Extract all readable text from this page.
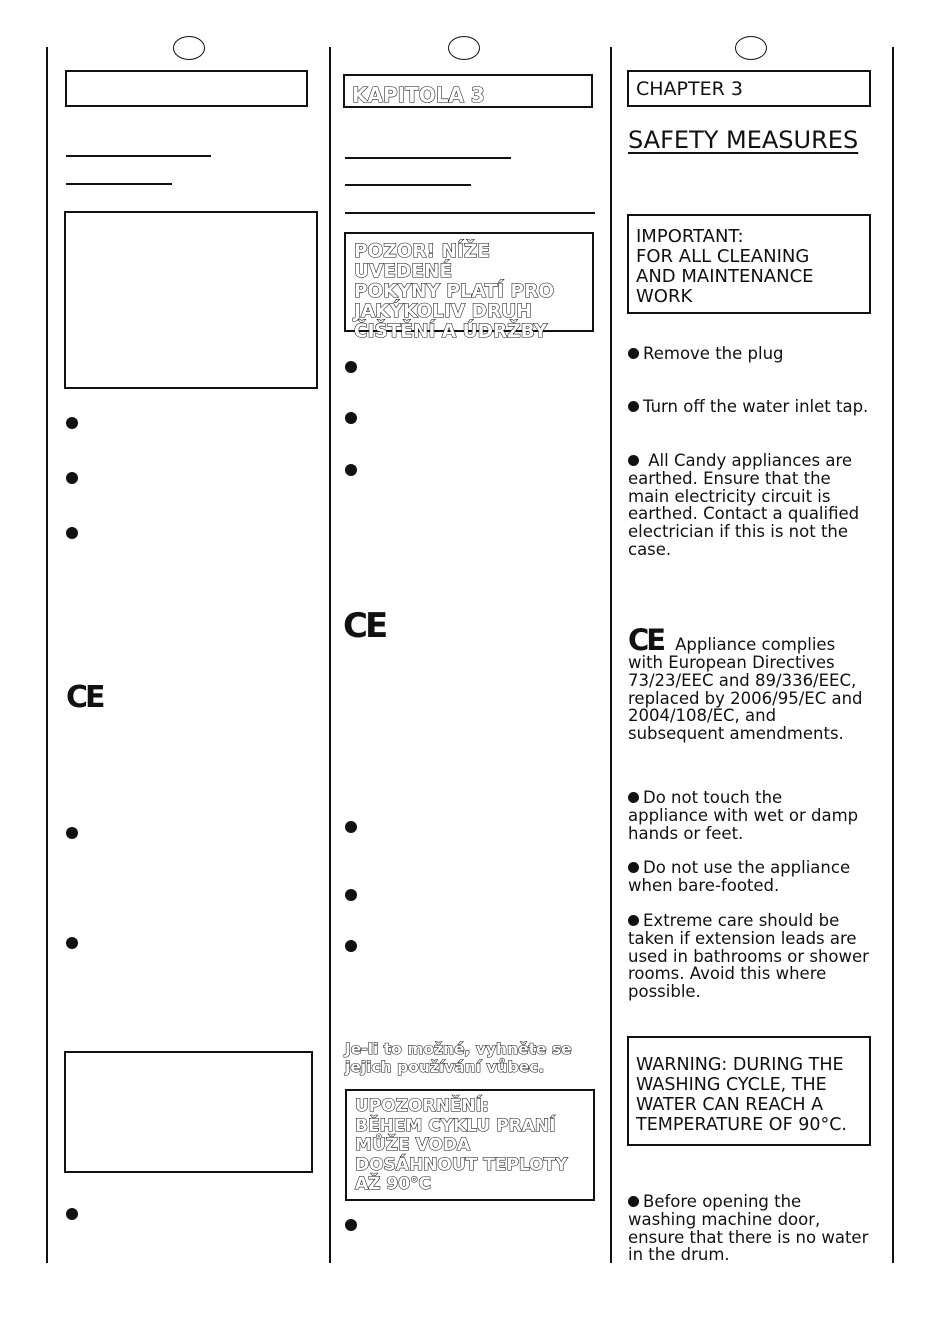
CE
KAPITOLA 3
POZOR! NÍŽE UVEDENÉ
POKYNY PLATÍ PRO
JAKÝKOLIV DRUH
ČIŠTĚNÍ A ÚDRŽBY
CE
Je-li to možné, vyhněte se
jejich používání vůbec.
UPOZORNĚNÍ:
BĚHEM CYKLU PRANÍ
MŮŽE VODA
DOSÁHNOUT TEPLOTY
AŽ 90°C
CHAPTER 3
SAFETY MEASURES
IMPORTANT:
FOR ALL CLEANING
AND MAINTENANCE
WORK
Remove the plug
Turn off the water inlet tap.
All Candy appliances are
earthed. Ensure that the
main electricity circuit is
earthed. Contact a qualified
electrician if this is not the
case.
CE Appliance complies
with European Directives
73/23/EEC and 89/336/EEC,
replaced by 2006/95/EC and
2004/108/EC, and
subsequent amendments.
Do not touch the
appliance with wet or damp
hands or feet.
Do not use the appliance
when bare-footed.
Extreme care should be
taken if extension leads are
used in bathrooms or shower
rooms. Avoid this where
possible.
WARNING: DURING THE
WASHING CYCLE, THE
WATER CAN REACH A
TEMPERATURE OF 90°C.
Before opening the
washing machine door,
ensure that there is no water
in the drum.
